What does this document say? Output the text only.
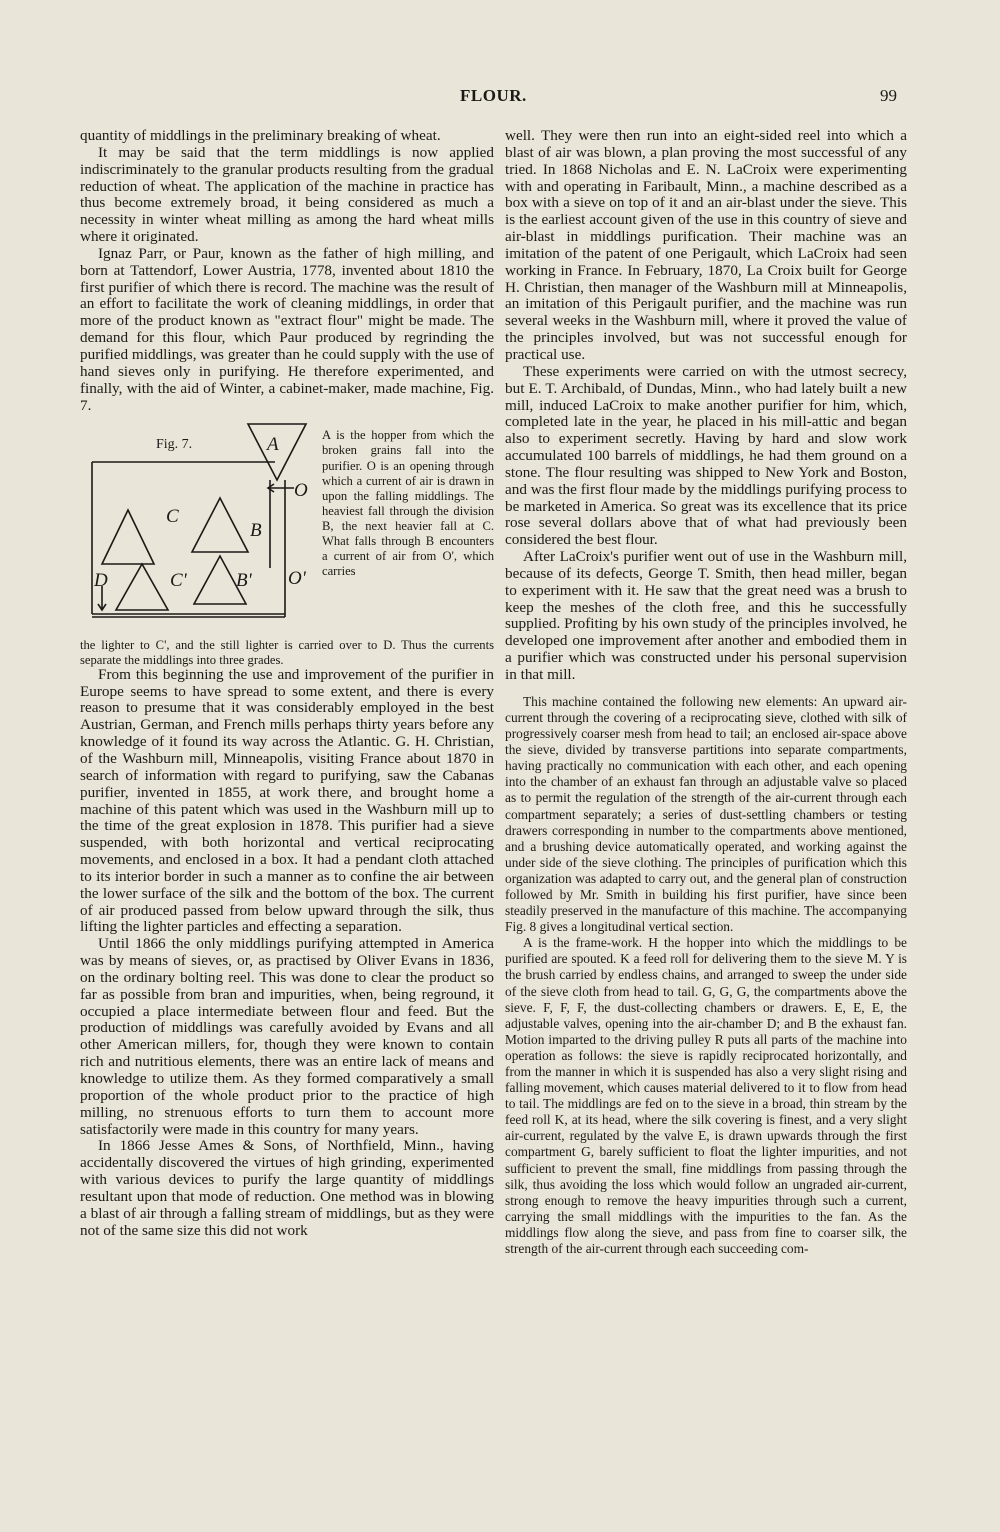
FLOUR.	99

quantity of middlings in the preliminary breaking of wheat.

It may be said that the term middlings is now applied indiscriminately to the granular products resulting from the gradual reduction of wheat. The application of the machine in practice has thus become extremely broad, it being considered as much a necessity in winter wheat milling as among the hard wheat mills where it originated.

Ignaz Parr, or Paur, known as the father of high milling, and born at Tattendorf, Lower Austria, 1778, invented about 1810 the first purifier of which there is record. The machine was the result of an effort to facilitate the work of cleaning middlings, in order that more of the product known as "extract flour" might be made. The demand for this flour, which Paur produced by regrinding the purified middlings, was greater than he could supply with the use of hand sieves only in purifying. He therefore experimented, and finally, with the aid of Winter, a cabinet-maker, made machine, Fig. 7.

A
O
C
B
D	C'	B' O'
Fig. 7.
A is the hopper from which the broken grains fall into the purifier. O is an opening through which a current of air is drawn in upon the falling middlings. The heaviest fall through the division B, the next heavier fall at C. What falls through B encounters a current of air from O', which carries

the lighter to C', and the still lighter is carried over to D. Thus the currents separate the middlings into three grades.

From this beginning the use and improvement of the purifier in Europe seems to have spread to some extent, and there is every reason to presume that it was considerably employed in the best Austrian, German, and French mills perhaps thirty years before any knowledge of it found its way across the Atlantic. G. H. Christian, of the Washburn mill, Minneapolis, visiting France about 1870 in search of information with regard to purifying, saw the Cabanas purifier, invented in 1855, at work there, and brought home a machine of this patent which was used in the Washburn mill up to the time of the great explosion in 1878. This purifier had a sieve suspended, with both horizontal and vertical reciprocating movements, and enclosed in a box. It had a pendant cloth attached to its interior border in such a manner as to confine the air between the lower surface of the silk and the bottom of the box. The current of air produced passed from below upward through the silk, thus lifting the lighter particles and effecting a separation.

Until 1866 the only middlings purifying attempted in America was by means of sieves, or, as practised by Oliver Evans in 1836, on the ordinary bolting reel. This was done to clear the product so far as possible from bran and impurities, when, being reground, it occupied a place intermediate between flour and feed. But the production of middlings was carefully avoided by Evans and all other American millers, for, though they were known to contain rich and nutritious elements, there was an entire lack of means and knowledge to utilize them. As they formed comparatively a small proportion of the whole product prior to the practice of high milling, no strenuous efforts to turn them to account more satisfactorily were made in this country for many years.

In 1866 Jesse Ames & Sons, of Northfield, Minn., having accidentally discovered the virtues of high grinding, experimented with various devices to purify the large quantity of middlings resultant upon that mode of reduction. One method was in blowing a blast of air through a falling stream of middlings, but as they were not of the same size this did not work

well. They were then run into an eight-sided reel into which a blast of air was blown, a plan proving the most successful of any tried. In 1868 Nicholas and E. N. LaCroix were experimenting with and operating in Faribault, Minn., a machine described as a box with a sieve on top of it and an air-blast under the sieve. This is the earliest account given of the use in this country of sieve and air-blast in middlings purification. Their machine was an imitation of the patent of one Perigault, which LaCroix had seen working in France. In February, 1870, La Croix built for George H. Christian, then manager of the Washburn mill at Minneapolis, an imitation of this Perigault purifier, and the machine was run several weeks in the Washburn mill, where it proved the value of the principles involved, but was not successful enough for practical use.

These experiments were carried on with the utmost secrecy, but E. T. Archibald, of Dundas, Minn., who had lately built a new mill, induced LaCroix to make another purifier for him, which, completed late in the year, he placed in his mill-attic and began also to experiment secretly. Having by hard and slow work accumulated 100 barrels of middlings, he had them ground on a stone. The flour resulting was shipped to New York and Boston, and was the first flour made by the middlings purifying process to be marketed in America. So great was its excellence that its price rose several dollars above that of what had previously been considered the best flour.

After LaCroix's purifier went out of use in the Washburn mill, because of its defects, George T. Smith, then head miller, began to experiment with it. He saw that the great need was a brush to keep the meshes of the cloth free, and this he successfully supplied. Profiting by his own study of the principles involved, he developed one improvement after another and embodied them in a purifier which was constructed under his personal supervision in that mill.

This machine contained the following new elements: An upward air-current through the covering of a reciprocating sieve, clothed with silk of progressively coarser mesh from head to tail; an enclosed air-space above the sieve, divided by transverse partitions into separate compartments, having practically no communication with each other, and each opening into the chamber of an exhaust fan through an adjustable valve so placed as to permit the regulation of the strength of the air-current through each compartment separately; a series of dust-settling chambers or testing drawers corresponding in number to the compartments above mentioned, and a brushing device automatically operated, and working against the under side of the sieve clothing. The principles of purification which this organization was adapted to carry out, and the general plan of construction followed by Mr. Smith in building his first purifier, have since been steadily preserved in the manufacture of this machine. The accompanying Fig. 8 gives a longitudinal vertical section.

A is the frame-work. H the hopper into which the middlings to be purified are spouted. K a feed roll for delivering them to the sieve M. Y is the brush carried by endless chains, and arranged to sweep the under side of the sieve cloth from head to tail. G, G, G, the compartments above the sieve. F, F, F, the dust-collecting chambers or drawers. E, E, E, the adjustable valves, opening into the air-chamber D; and B the exhaust fan. Motion imparted to the driving pulley R puts all parts of the machine into operation as follows: the sieve is rapidly reciprocated horizontally, and from the manner in which it is suspended has also a very slight rising and falling movement, which causes material delivered to it to flow from head to tail. The middlings are fed on to the sieve in a broad, thin stream by the feed roll K, at its head, where the silk covering is finest, and a very slight air-current, regulated by the valve E, is drawn upwards through the first compartment G, barely sufficient to float the lighter impurities, and not sufficient to prevent the small, fine middlings from passing through the silk, thus avoiding the loss which would follow an ungraded air-current, strong enough to remove the heavy impurities through such a current, carrying the small middlings with the impurities to the fan. As the middlings flow along the sieve, and pass from fine to coarser silk, the strength of the air-current through each succeeding com-
